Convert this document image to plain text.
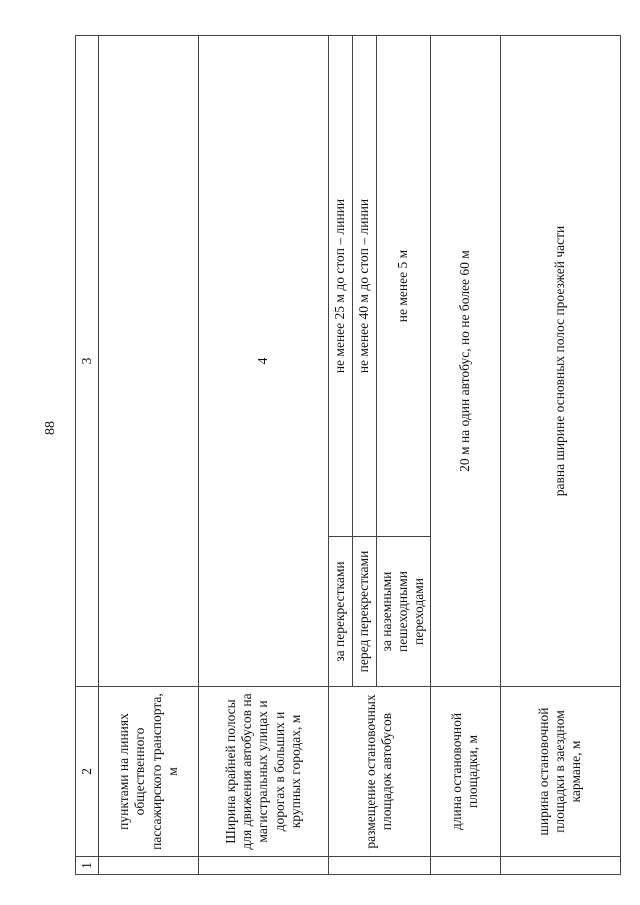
88
1	2	3	
	пунктами на линиях общественного пассажирского транспорта, м		
	Ширина крайней полосы для движения автобусов на магистральных улицах и дорогах в больших и крупных городах, м	4	
	размещение остановочных площадок автобусов	за перекрестками	не менее 25 м до стоп – линии
		перед перекрестками	не менее 40 м до стоп – линии
		за наземными пешеходными переходами	не менее 5 м
	длина остановочной площадки, м	20 м на один автобус, но не более 60 м	
	ширина остановочной площадки в заездном кармане, м	равна ширине основных полос проезжей части	
